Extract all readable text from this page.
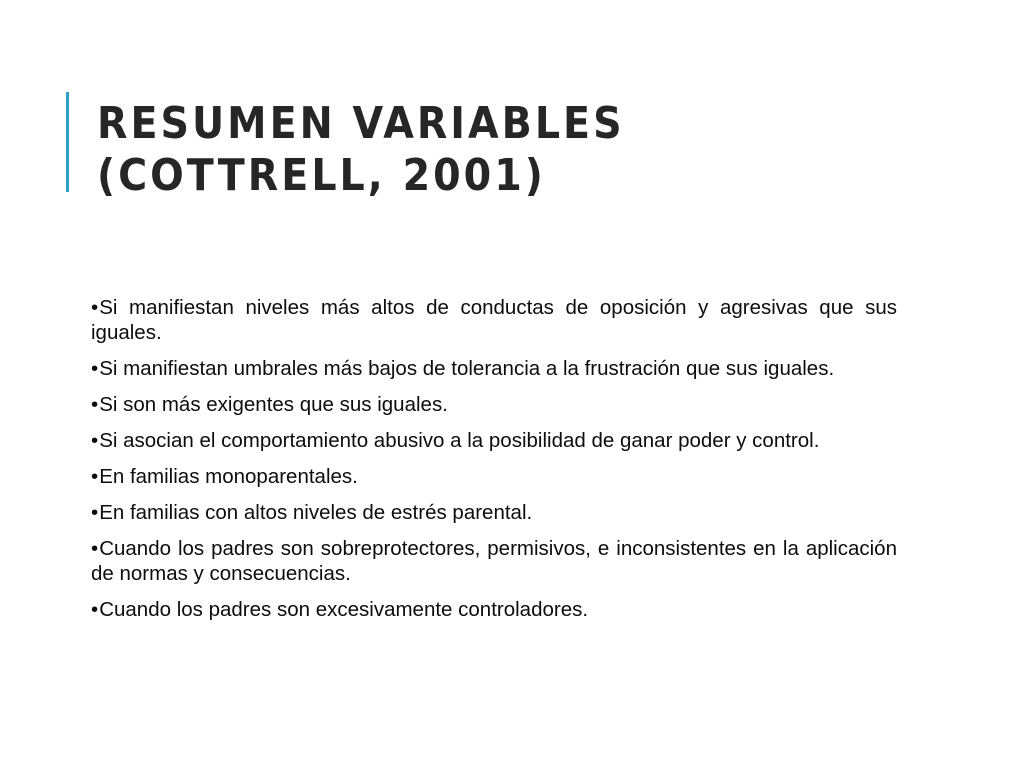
RESUMEN VARIABLES (COTTRELL, 2001)
•Si manifiestan niveles más altos de conductas de oposición y agresivas que sus iguales.
•Si manifiestan umbrales más bajos de tolerancia a la frustración que sus iguales.
•Si son más exigentes que sus iguales.
•Si asocian el comportamiento abusivo a la posibilidad de ganar poder y control.
•En familias monoparentales.
•En familias con altos niveles de estrés parental.
•Cuando los padres son sobreprotectores, permisivos, e inconsistentes en la aplicación de normas y consecuencias.
•Cuando los padres son excesivamente controladores.
